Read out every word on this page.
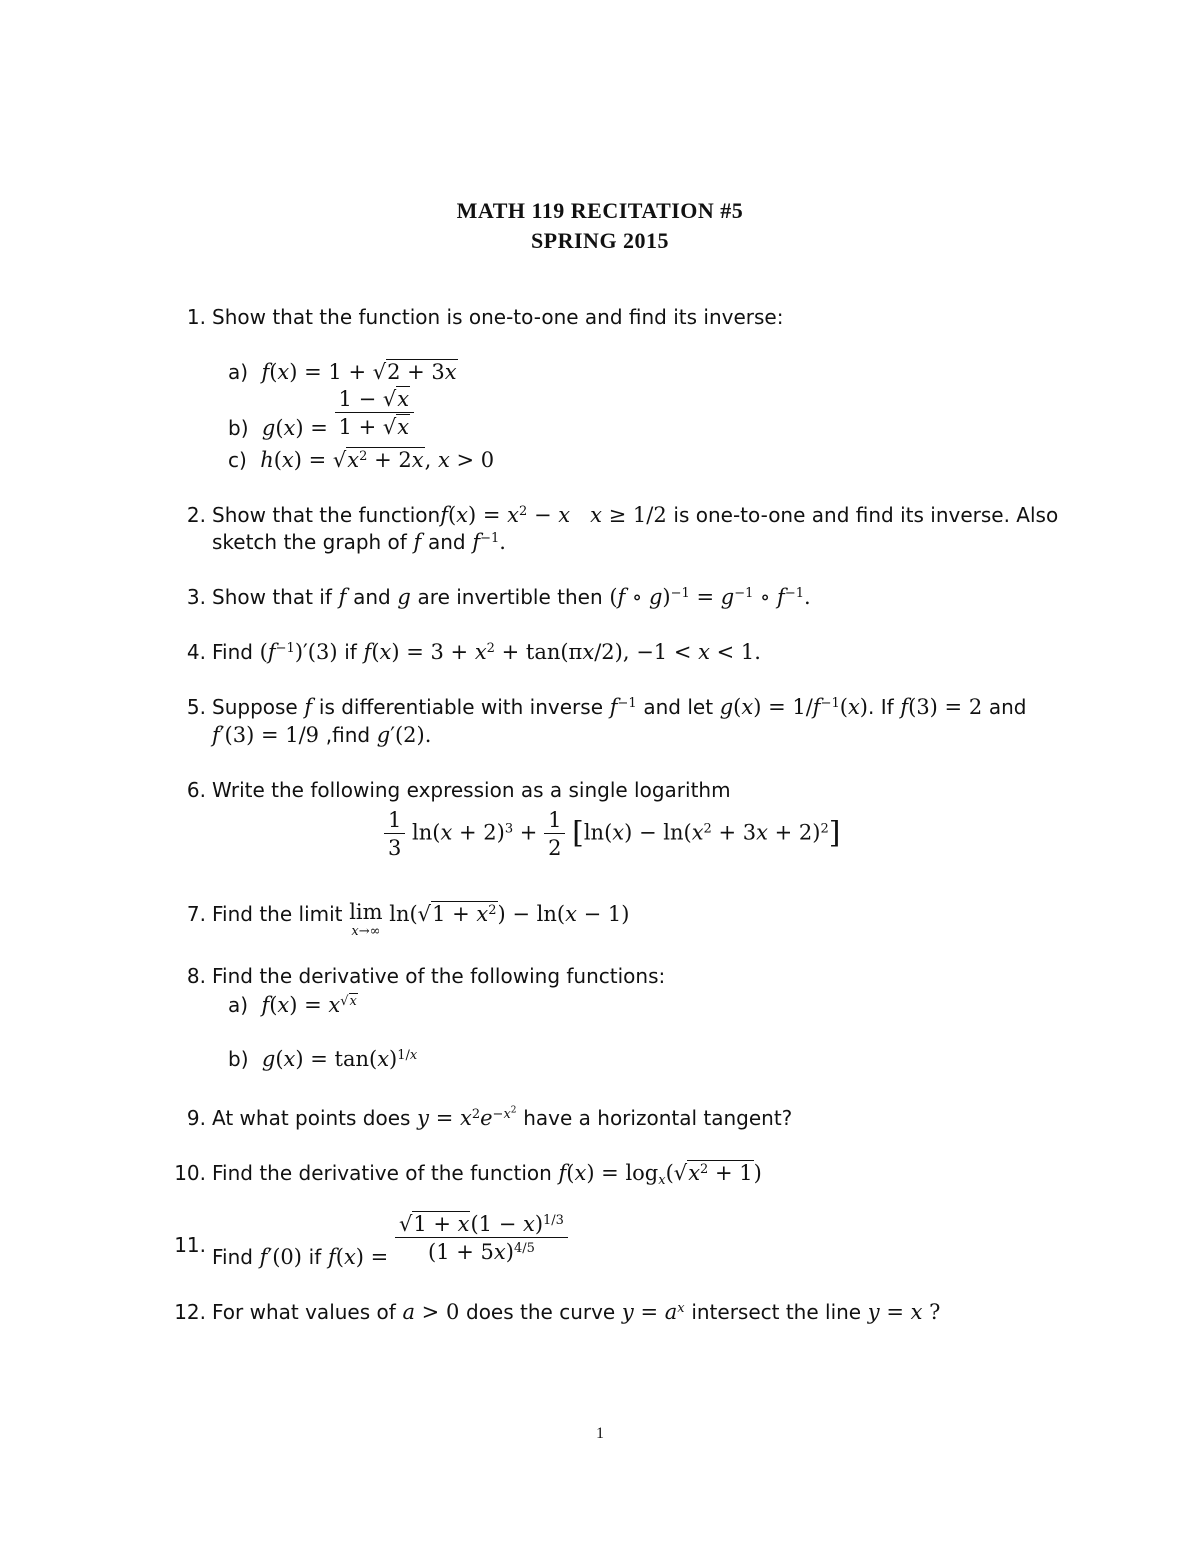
MATH 119 RECITATION #5
SPRING 2015
1. Show that the function is one-to-one and find its inverse:
a) f(x) = 1 + √2 + 3x
b) $g(x) = \frac{1 - √x}{1 + √x}$
c) $h(x) = √x^2 + 2x$, x > 0
2. Show that the functionf(x) = $x^2 - x$ x ≥ 1/2 is one-to-one and find its inverse. Also
sketch the graph of f and $f^{-1}$.
3. Show that if f and g are invertible then (f ∘ $g)^{-1} = g^{-1}$ ∘ $f^{-1}$.
4. Find $(f^{-1})'(3)$ if $f(x) = 3 + x^2 + \tan(\pi x/2)$, −1 < x < 1.
5. Suppose f is differentiable with inverse $f^{-1}$ and let $g(x) = 1/f^{-1}(x)$. If f(3) = 2 and
f′(3) = 1/9 ,find g′(2).
6. Write the following expression as a single logarithm
$\frac{1}{3} \ln(x + 2)^3 + \frac{1}{2} [\ln(x) - \ln(x^2 + 3x + 2)^2]$
7. Find the limit lim
x→∞
$\ln(√1 + x^2) - \ln(x - 1)$
8. Find the derivative of the following functions:
a) $f(x) = x^{√x}$
b) $g(x) = \tan(x)^{1/x}$
9. At what points does $y = x^2e^{-x^2}$ have a horizontal tangent?
10. Find the derivative of the function $f(x) = \log_x(√x^2 + 1)$
11. Find f′(0) if $f(x) = \frac{√1 + x(1 - x)^{1/3}}{(1 + 5x)^{4/5}}$
12. For what values of a > 0 does the curve $y = a^x$ intersect the line y = x ?
1
